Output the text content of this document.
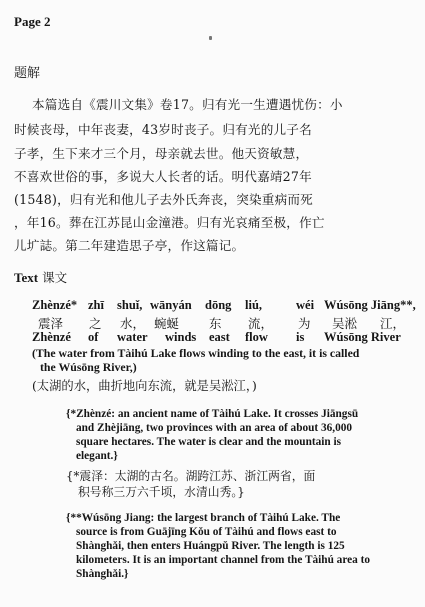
Page 2
题解
本篇选自《震川文集》卷17。归有光一生遭遇忧伤：小
时候丧母，中年丧妻，43岁时丧子。归有光的儿子名
子孝，生下来才三个月，母亲就去世。他天资敏慧，
不喜欢世俗的事，多说大人长者的话。明代嘉靖27年
(1548)，归有光和他儿子去外氏奔丧，突染重病而死
，年16。葬在江苏昆山金潼港。归有光哀痛至极，作亡
儿圹誌。第二年建造思子亭，作这篇记。
Text 课文
Zhènzé* zhī shuǐ, wānyán dōng liú,	wéi Wúsōng Jiāng**,
震泽 之 水， 蜿蜒 东 流， 为 吴淞 江，
Zhènzé of water winds east flow is Wúsōng River
(The water from Tàihú Lake flows winding to the east, it is called
the Wúsōng River,)
(太湖的水，曲折地向东流，就是吴淞江，)
{*Zhènzé: an ancient name of Tàihú Lake. It crosses Jiāngsū
and Zhèjiāng, two provinces with an area of about 36,000
square hectares. The water is clear and the mountain is
elegant.}
{*震泽：太湖的古名。湖跨江苏、浙江两省，面
积号称三万六千顷，水清山秀。}
{**Wúsōng Jiang: the largest branch of Tàihú Lake. The
source is from Guājīng Kǒu of Tàihú and flows east to
Shànghǎi, then enters Huángpǔ River. The length is 125
kilometers. It is an important channel from the Tàihú area to
Shànghǎi.}
